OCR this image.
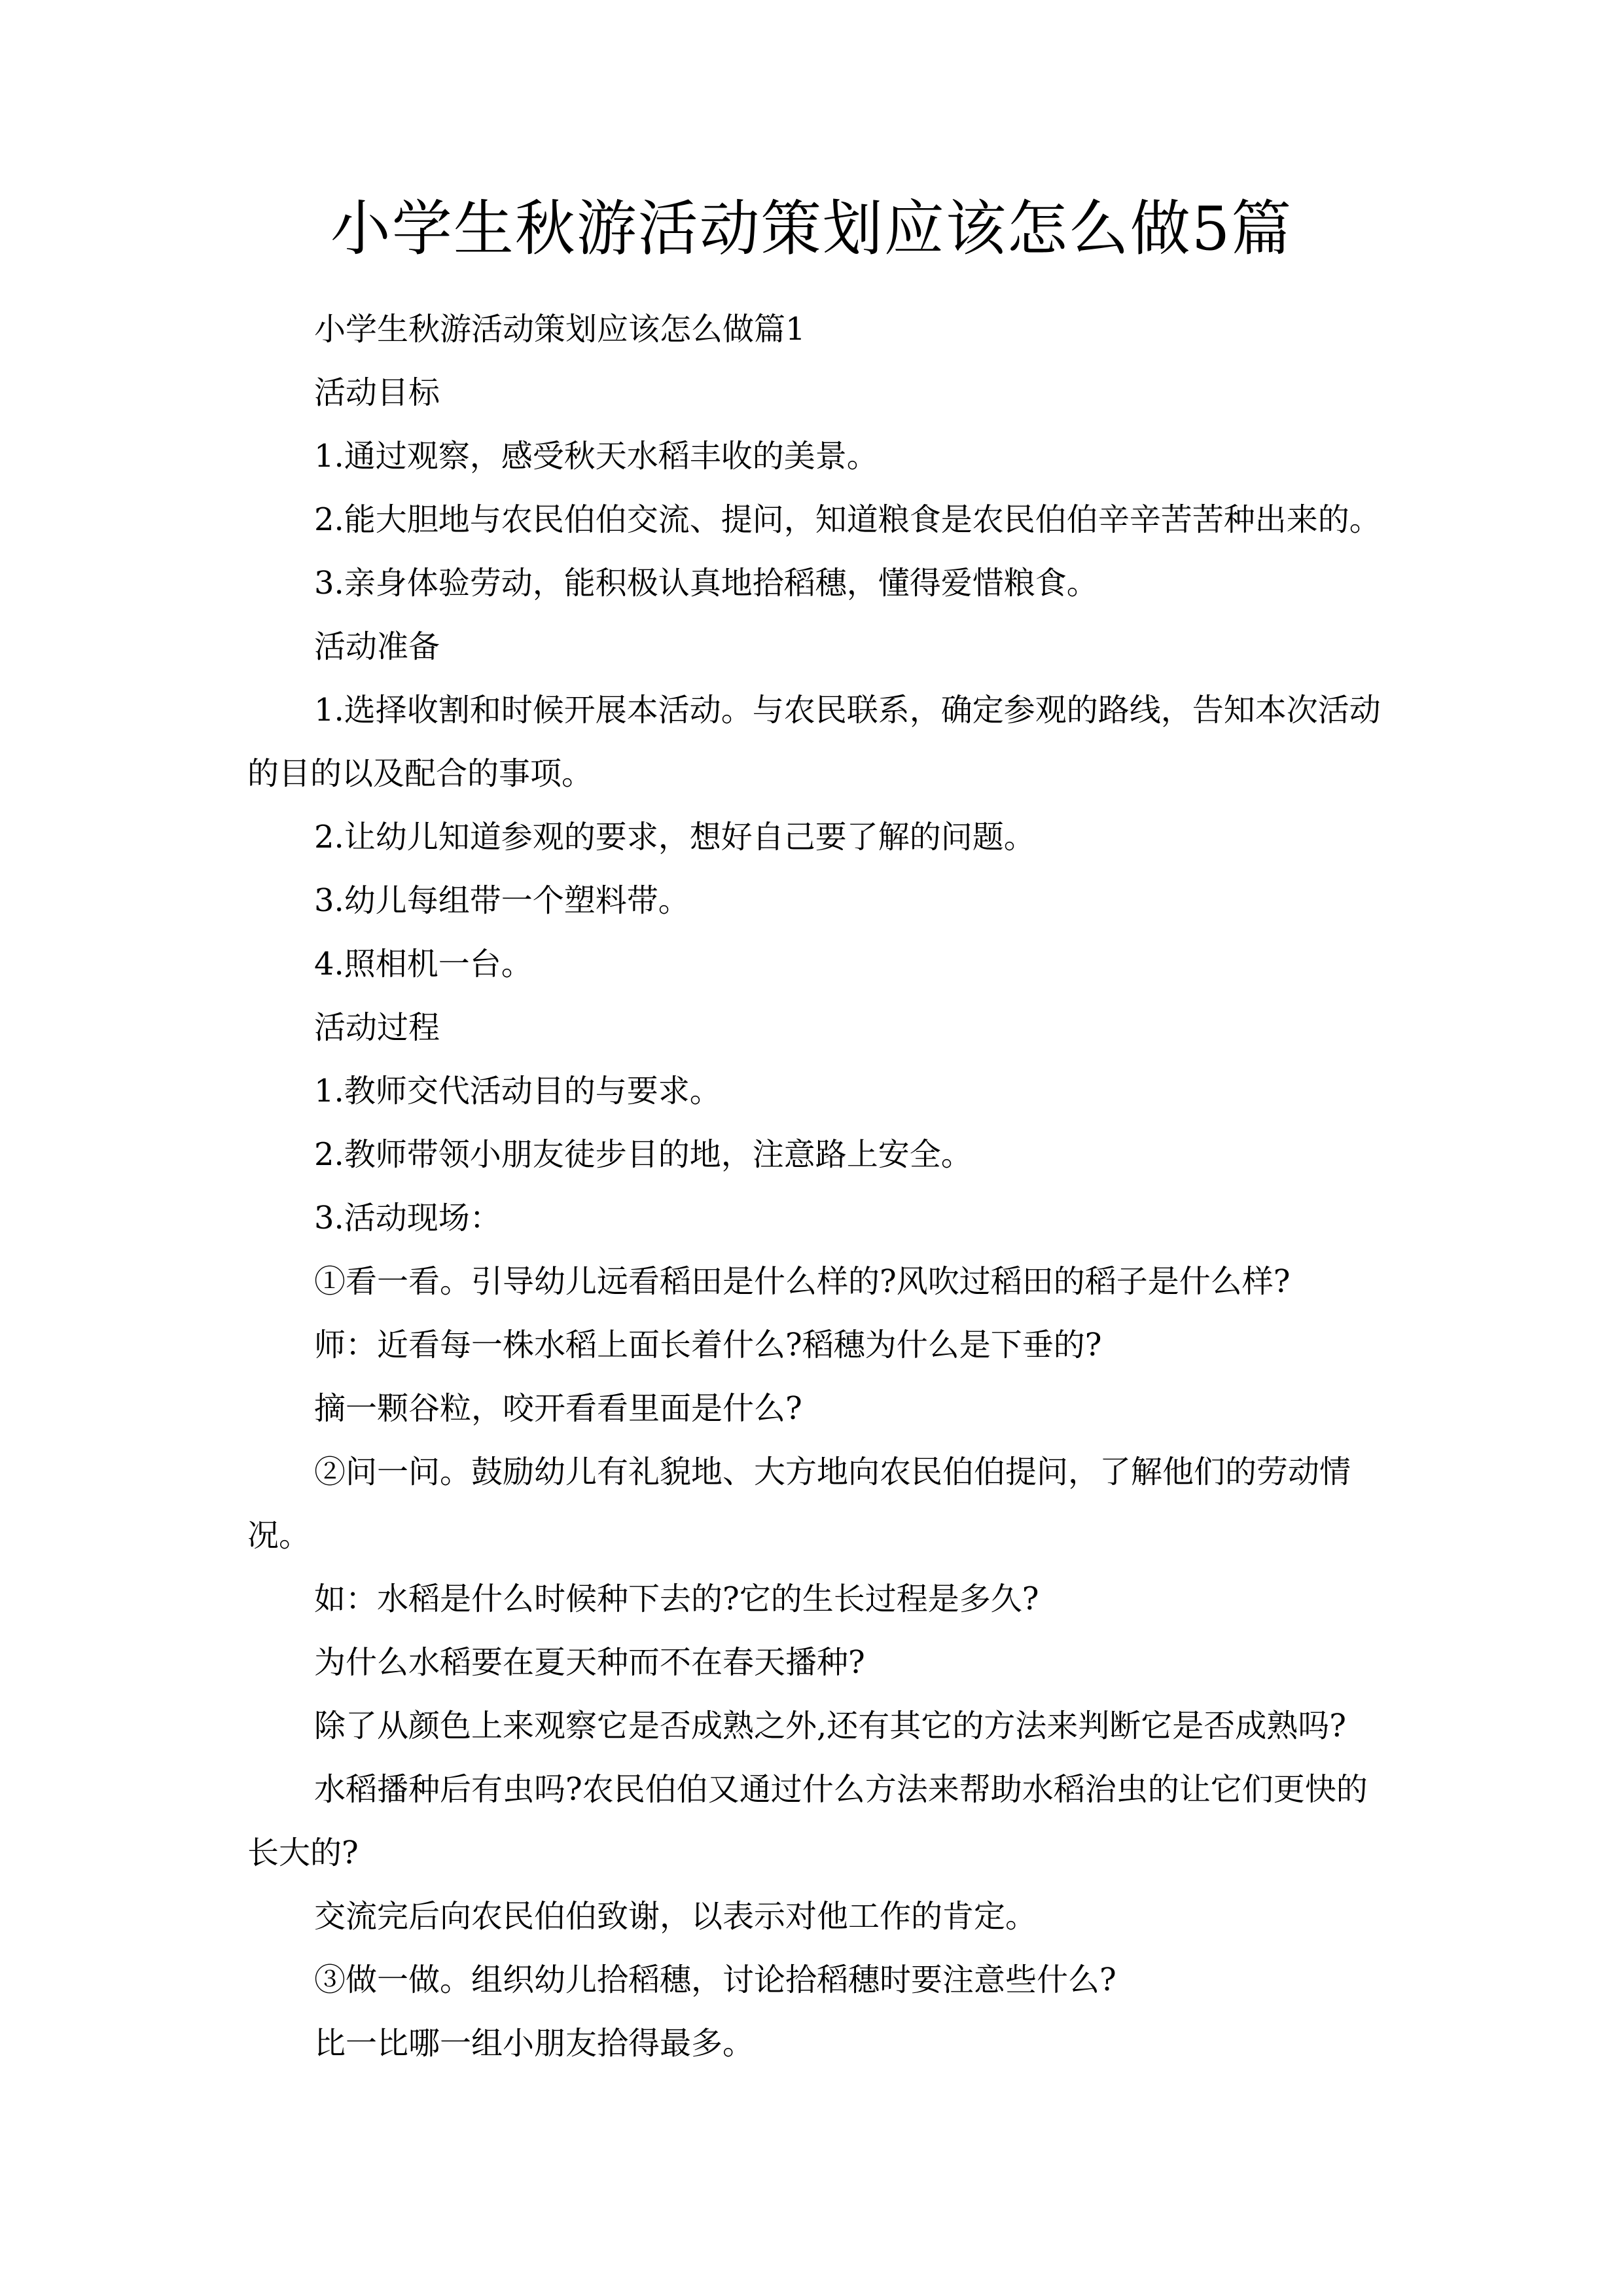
小学生秋游活动策划应该怎么做5篇

小学生秋游活动策划应该怎么做篇1

活动目标

1.通过观察，感受秋天水稻丰收的美景。

2.能大胆地与农民伯伯交流、提问，知道粮食是农民伯伯辛辛苦苦种出来的。

3.亲身体验劳动，能积极认真地拾稻穗，懂得爱惜粮食。

活动准备

1.选择收割和时候开展本活动。与农民联系，确定参观的路线，告知本次活动的目的以及配合的事项。

2.让幼儿知道参观的要求，想好自己要了解的问题。

3.幼儿每组带一个塑料带。

4.照相机一台。

活动过程

1.教师交代活动目的与要求。

2.教师带领小朋友徒步目的地，注意路上安全。

3.活动现场：

①看一看。引导幼儿远看稻田是什么样的?风吹过稻田的稻子是什么样?

师：近看每一株水稻上面长着什么?稻穗为什么是下垂的?

摘一颗谷粒，咬开看看里面是什么?

②问一问。鼓励幼儿有礼貌地、大方地向农民伯伯提问，了解他们的劳动情况。

如：水稻是什么时候种下去的?它的生长过程是多久?

为什么水稻要在夏天种而不在春天播种?

除了从颜色上来观察它是否成熟之外,还有其它的方法来判断它是否成熟吗?

水稻播种后有虫吗?农民伯伯又通过什么方法来帮助水稻治虫的让它们更快的长大的?

交流完后向农民伯伯致谢，以表示对他工作的肯定。

③做一做。组织幼儿拾稻穗，讨论拾稻穗时要注意些什么?

比一比哪一组小朋友拾得最多。
